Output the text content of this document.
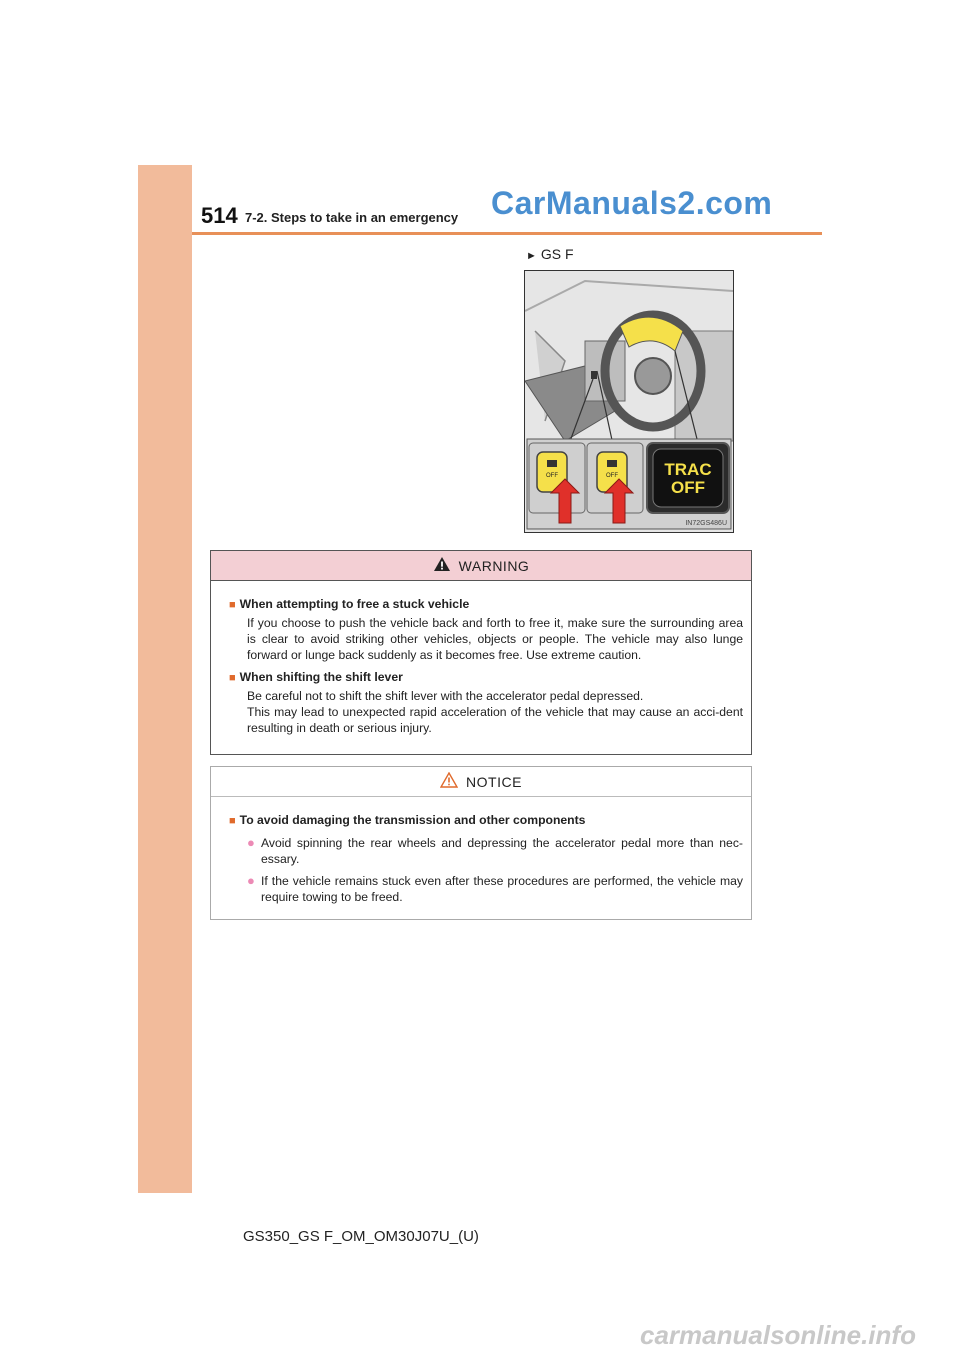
514 7-2. Steps to take in an emergency CarManuals2.com
► GS F
OFF	OFF	TRAC
OFF
IN72GS486U
WARNING
■ When attempting to free a stuck vehicle
If you choose to push the vehicle back and forth to free it, make sure the surrounding area is clear to avoid striking other vehicles, objects or people. The vehicle may also lunge forward or lunge back suddenly as it becomes free. Use extreme caution.
■ When shifting the shift lever
Be careful not to shift the shift lever with the accelerator pedal depressed.
This may lead to unexpected rapid acceleration of the vehicle that may cause an acci-dent resulting in death or serious injury.
NOTICE
■ To avoid damaging the transmission and other components
● Avoid spinning the rear wheels and depressing the accelerator pedal more than nec-essary.
● If the vehicle remains stuck even after these procedures are performed, the vehicle may require towing to be freed.
GS350_GS F_OM_OM30J07U_(U)
carmanualsonline.info
